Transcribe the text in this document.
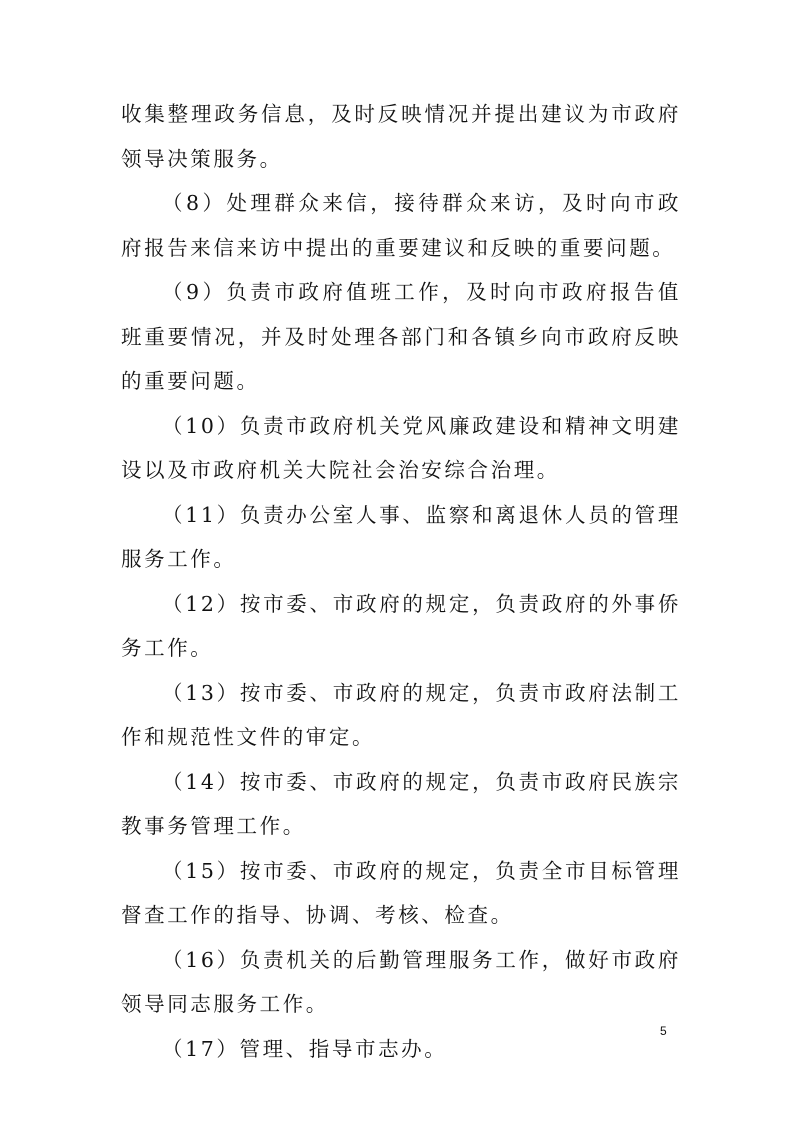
收集整理政务信息，及时反映情况并提出建议为市政府领导决策服务。

（8）处理群众来信，接待群众来访，及时向市政府报告来信来访中提出的重要建议和反映的重要问题。

（9）负责市政府值班工作，及时向市政府报告值班重要情况，并及时处理各部门和各镇乡向市政府反映的重要问题。

（10）负责市政府机关党风廉政建设和精神文明建设以及市政府机关大院社会治安综合治理。

（11）负责办公室人事、监察和离退休人员的管理服务工作。

（12）按市委、市政府的规定，负责政府的外事侨务工作。

（13）按市委、市政府的规定，负责市政府法制工作和规范性文件的审定。

（14）按市委、市政府的规定，负责市政府民族宗教事务管理工作。

（15）按市委、市政府的规定，负责全市目标管理督查工作的指导、协调、考核、检查。

（16）负责机关的后勤管理服务工作，做好市政府领导同志服务工作。

（17）管理、指导市志办。

5
